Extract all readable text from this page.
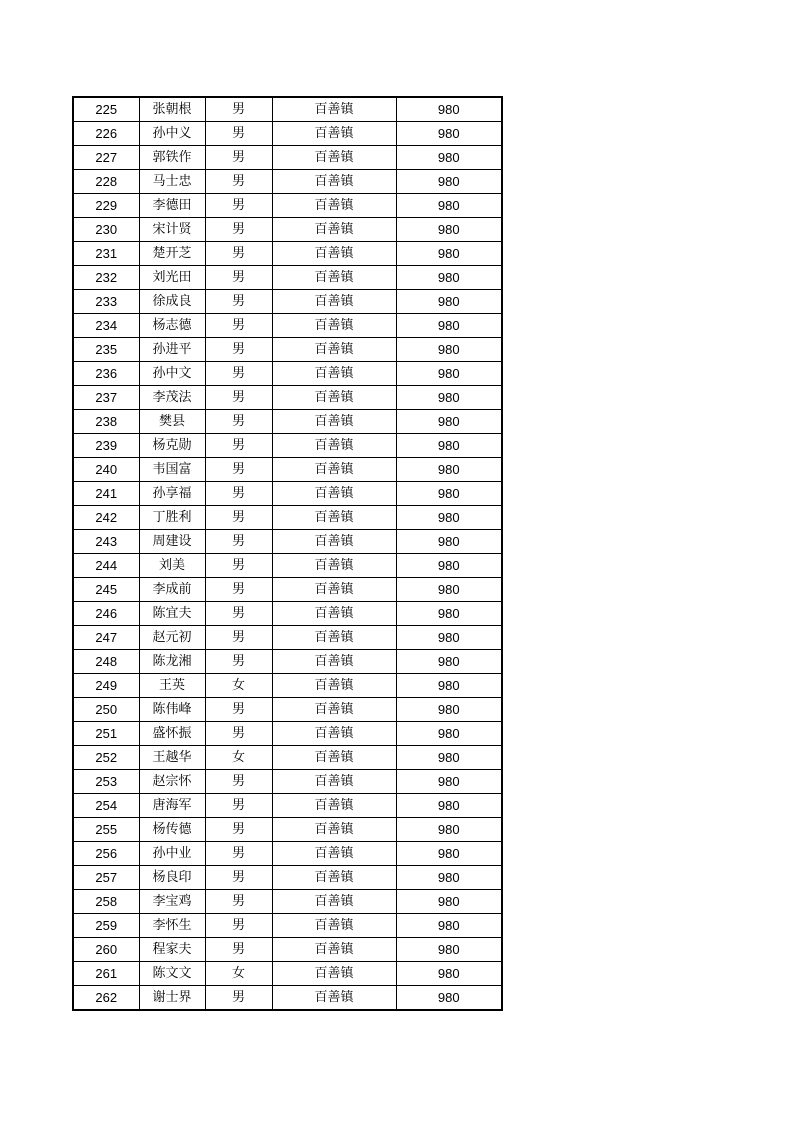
225	张朝根	男	百善镇	980
226	孙中义	男	百善镇	980
227	郭铁作	男	百善镇	980
228	马士忠	男	百善镇	980
229	李德田	男	百善镇	980
230	宋计贤	男	百善镇	980
231	楚开芝	男	百善镇	980
232	刘光田	男	百善镇	980
233	徐成良	男	百善镇	980
234	杨志德	男	百善镇	980
235	孙进平	男	百善镇	980
236	孙中文	男	百善镇	980
237	李茂法	男	百善镇	980
238	樊县	男	百善镇	980
239	杨克勋	男	百善镇	980
240	韦国富	男	百善镇	980
241	孙享福	男	百善镇	980
242	丁胜利	男	百善镇	980
243	周建设	男	百善镇	980
244	刘美	男	百善镇	980
245	李成前	男	百善镇	980
246	陈宜夫	男	百善镇	980
247	赵元初	男	百善镇	980
248	陈龙湘	男	百善镇	980
249	王英	女	百善镇	980
250	陈伟峰	男	百善镇	980
251	盛怀振	男	百善镇	980
252	王越华	女	百善镇	980
253	赵宗怀	男	百善镇	980
254	唐海军	男	百善镇	980
255	杨传德	男	百善镇	980
256	孙中业	男	百善镇	980
257	杨良印	男	百善镇	980
258	李宝鸡	男	百善镇	980
259	李怀生	男	百善镇	980
260	程家夫	男	百善镇	980
261	陈文文	女	百善镇	980
262	谢士界	男	百善镇	980
